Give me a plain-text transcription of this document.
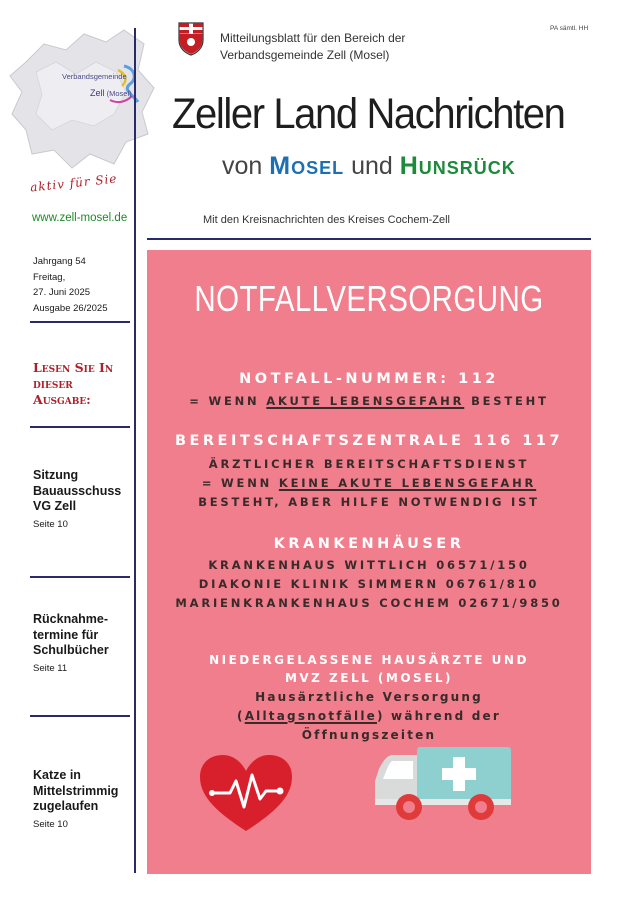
Verbandsgemeinde
Zell (Mosel)
aktiv für Sie
www.zell-mosel.de
Mitteilungsblatt für den Bereich der
Verbandsgemeinde Zell (Mosel)
PA sämtl. HH
Zeller Land Nachrichten
von Mosel und Hunsrück
Mit den Kreisnachrichten des Kreises Cochem-Zell
Jahrgang 54
Freitag,
27. Juni 2025
Ausgabe 26/2025
Lesen Sie In
dieser
Ausgabe:
Sitzung
Bauausschuss
VG Zell
Seite 10
Rücknahme-
termine für
Schulbücher
Seite 11
Katze in
Mittelstrimmig
zugelaufen
Seite 10
NOTFALLVERSORGUNG
NOTFALL-NUMMER: 112
= WENN AKUTE LEBENSGEFAHR BESTEHT
BEREITSCHAFTSZENTRALE 116 117
ÄRZTLICHER BEREITSCHAFTSDIENST
= WENN KEINE AKUTE LEBENSGEFAHR
BESTEHT, ABER HILFE NOTWENDIG IST
KRANKENHÄUSER
KRANKENHAUS WITTLICH 06571/150
DIAKONIE KLINIK SIMMERN 06761/810
MARIENKRANKENHAUS COCHEM 02671/9850
NIEDERGELASSENE HAUSÄRZTE UND
MVZ ZELL (MOSEL)
Hausärztliche Versorgung
(Alltagsnotfälle) während der
Öffnungszeiten
